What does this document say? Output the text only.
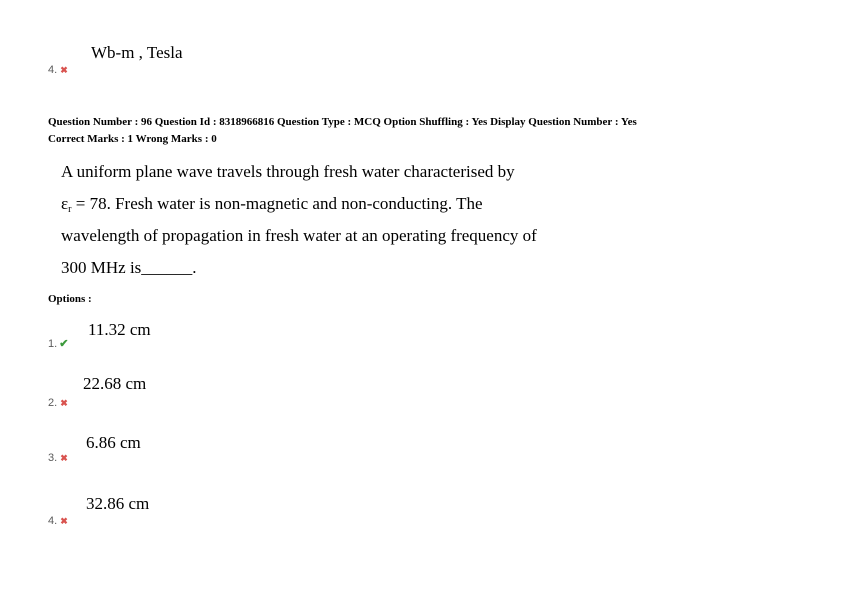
Wb-m , Tesla
4. ✖
Question Number : 96 Question Id : 8318966816 Question Type : MCQ Option Shuffling : Yes Display Question Number : Yes
Correct Marks : 1 Wrong Marks : 0
A uniform plane wave travels through fresh water characterised by
$\varepsilon_r = 78$. Fresh water is non-magnetic and non-conducting. The
wavelength of propagation in fresh water at an operating frequency of
300 MHz is______.
Options :
11.32 cm
1. ✔
22.68 cm
2. ✖
6.86 cm
3. ✖
32.86 cm
4. ✖
